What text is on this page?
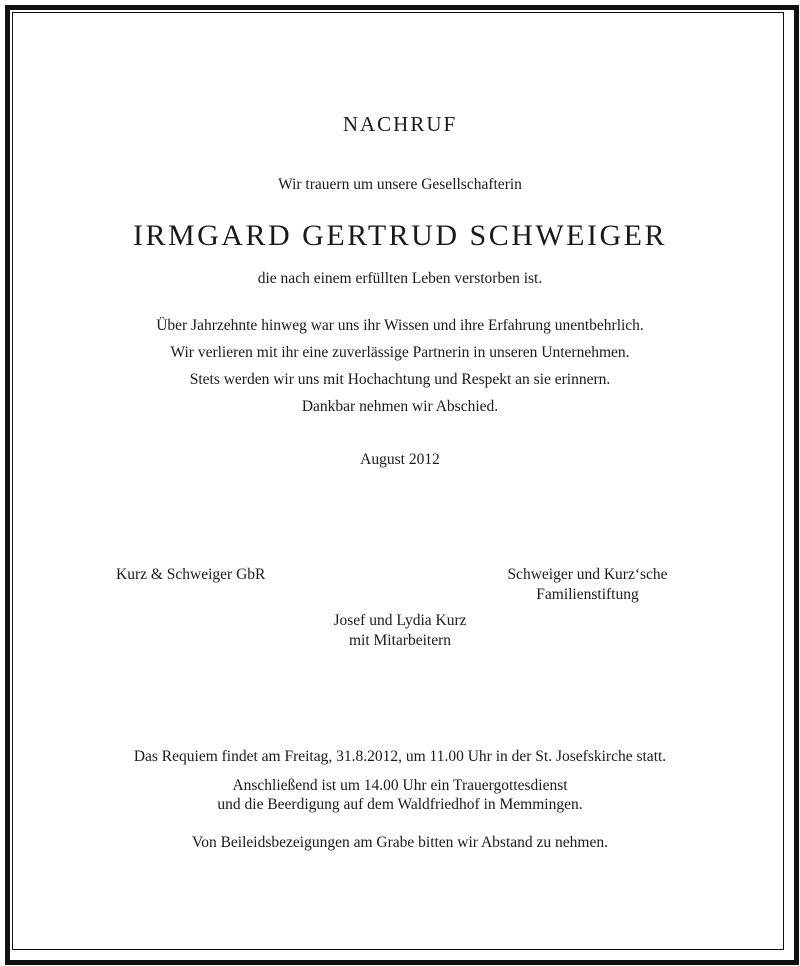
NACHRUF
Wir trauern um unsere Gesellschafterin
IRMGARD GERTRUD SCHWEIGER
die nach einem erfüllten Leben verstorben ist.
Über Jahrzehnte hinweg war uns ihr Wissen und ihre Erfahrung unentbehrlich.
Wir verlieren mit ihr eine zuverlässige Partnerin in unseren Unternehmen.
Stets werden wir uns mit Hochachtung und Respekt an sie erinnern.
Dankbar nehmen wir Abschied.
August 2012
Kurz & Schweiger GbR	Schweiger und Kurz‘sche
Familienstiftung
Josef und Lydia Kurz
mit Mitarbeitern
Das Requiem findet am Freitag, 31.8.2012, um 11.00 Uhr in der St. Josefskirche statt.
Anschließend ist um 14.00 Uhr ein Trauergottesdienst
und die Beerdigung auf dem Waldfriedhof in Memmingen.
Von Beileidsbezeigungen am Grabe bitten wir Abstand zu nehmen.
